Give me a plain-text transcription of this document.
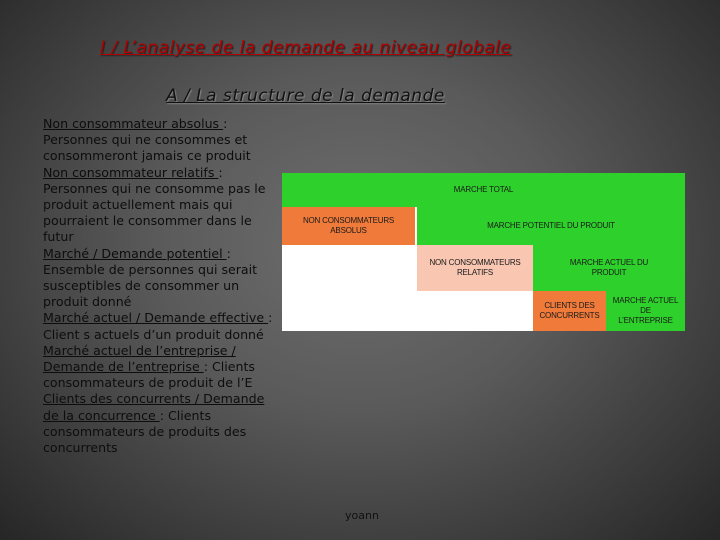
I / L’analyse de la demande au niveau globale
A / La structure de la demande
Non consommateur absolus : Personnes qui ne consommes et consommeront jamais ce produit
Non consommateur relatifs : Personnes qui ne consomme pas le produit actuellement mais qui pourraient le consommer dans le futur
Marché / Demande potentiel : Ensemble de personnes qui serait susceptibles de consommer un produit donné
Marché actuel / Demande effective : Client s actuels d’un produit donné
Marché actuel de l’entreprise / Demande de l’entreprise : Clients consommateurs de produit de l’E
Clients des concurrents / Demande de la concurrence : Clients consommateurs de produits des concurrents
MARCHE TOTAL
NON CONSOMMATEURS
ABSOLUS
MARCHE POTENTIEL DU PRODUIT
NON CONSOMMATEURS
RELATIFS
MARCHE ACTUEL DU
PRODUIT
CLIENTS DES
CONCURRENTS
MARCHE ACTUEL
DE
L’ENTREPRISE
yoann
